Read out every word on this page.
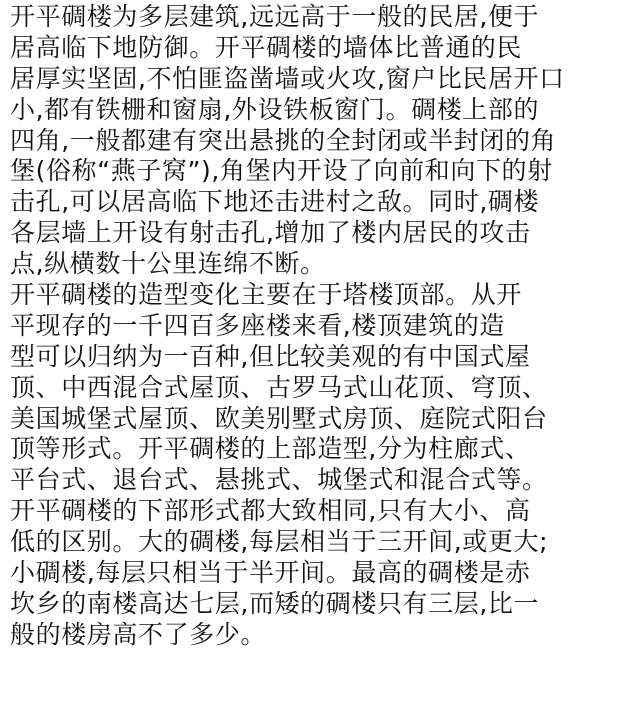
开平碉楼为多层建筑,远远高于一般的民居,便于
居高临下地防御。开平碉楼的墙体比普通的民
居厚实坚固,不怕匪盗凿墙或火攻,窗户比民居开口
小,都有铁栅和窗扇,外设铁板窗门。碉楼上部的
四角,一般都建有突出悬挑的全封闭或半封闭的角
堡(俗称“燕子窝”),角堡内开设了向前和向下的射
击孔,可以居高临下地还击进村之敌。同时,碉楼
各层墙上开设有射击孔,增加了楼内居民的攻击
点,纵横数十公里连绵不断。
开平碉楼的造型变化主要在于塔楼顶部。从开
平现存的一千四百多座楼来看,楼顶建筑的造
型可以归纳为一百种,但比较美观的有中国式屋
顶、中西混合式屋顶、古罗马式山花顶、穹顶、
美国城堡式屋顶、欧美别墅式房顶、庭院式阳台
顶等形式。开平碉楼的上部造型,分为柱廊式、
平台式、退台式、悬挑式、城堡式和混合式等。
开平碉楼的下部形式都大致相同,只有大小、高
低的区别。大的碉楼,每层相当于三开间,或更大;
小碉楼,每层只相当于半开间。最高的碉楼是赤
坎乡的南楼高达七层,而矮的碉楼只有三层,比一
般的楼房高不了多少。
